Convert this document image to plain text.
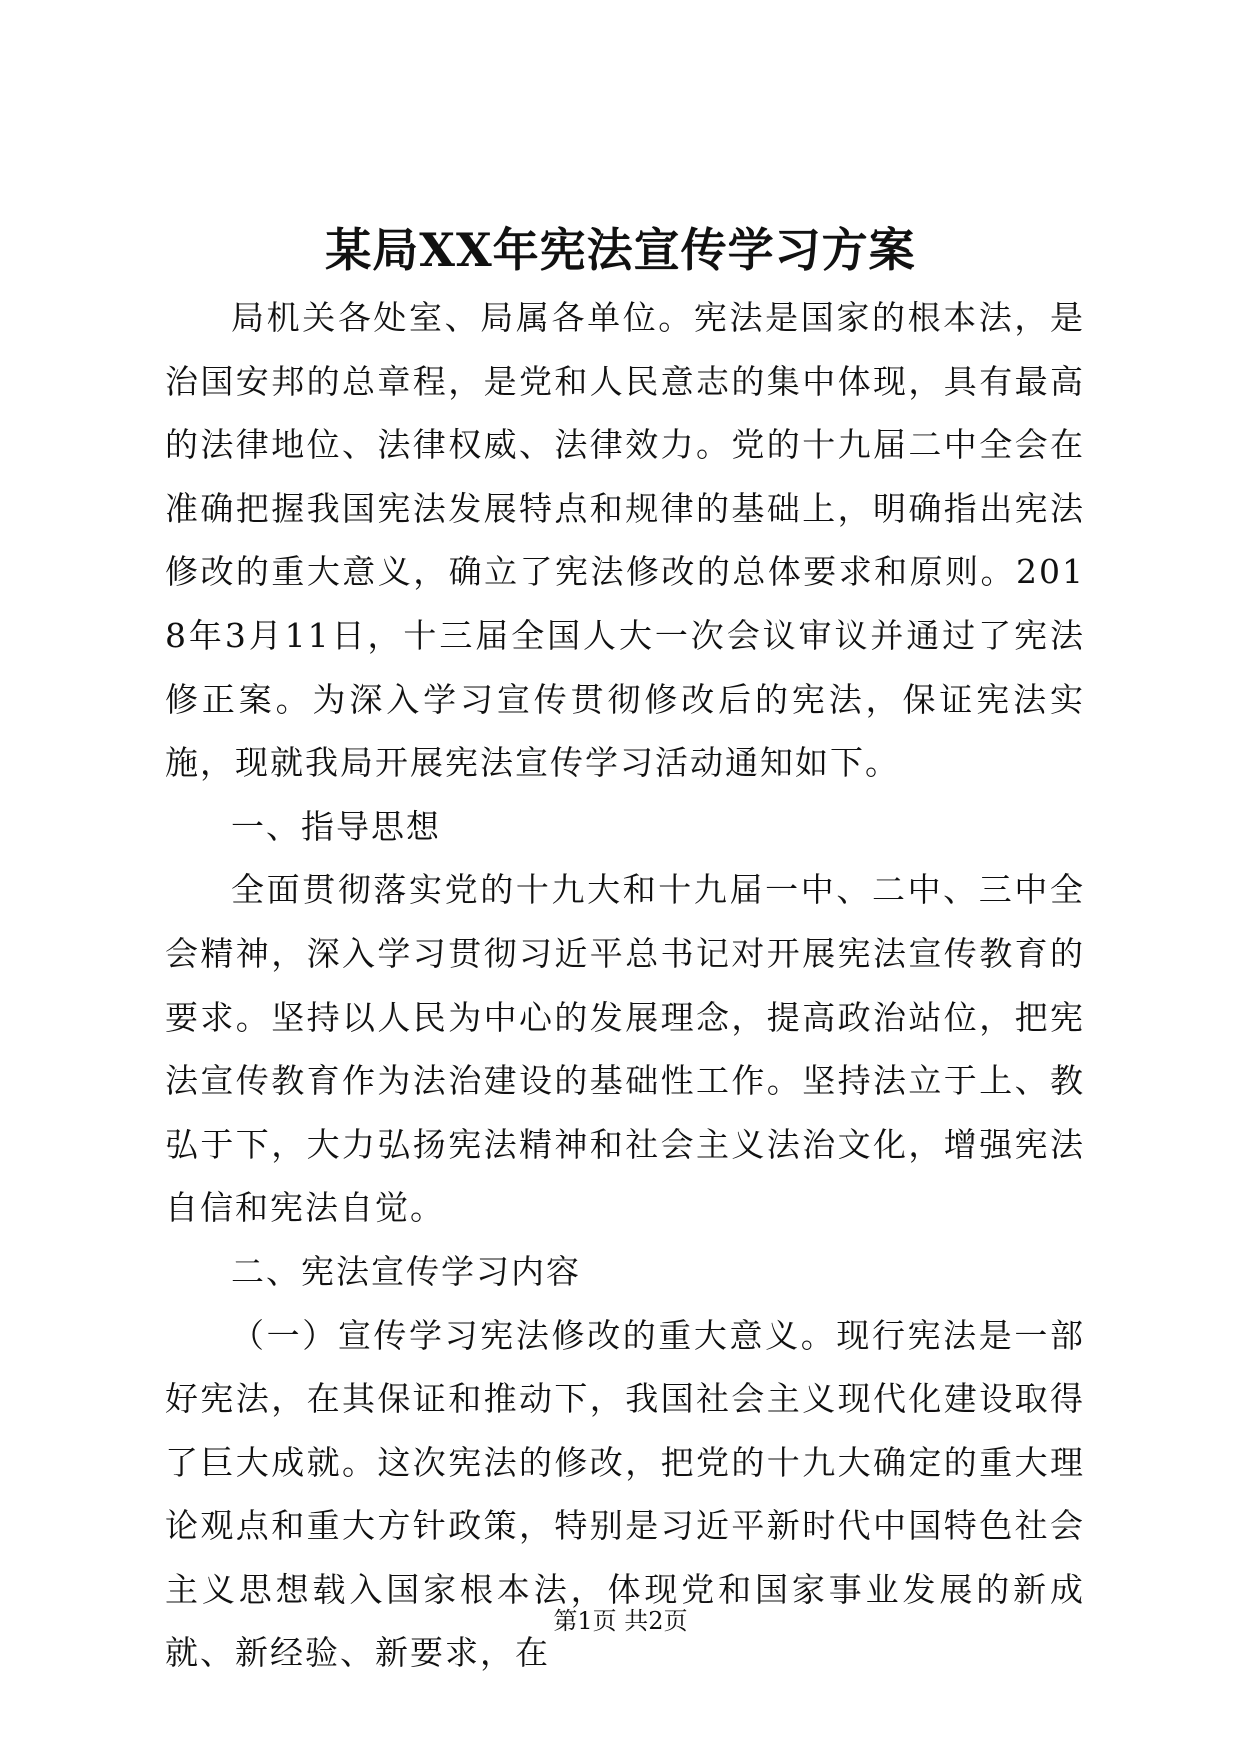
某局XX年宪法宣传学习方案

局机关各处室、局属各单位。宪法是国家的根本法，是治国安邦的总章程，是党和人民意志的集中体现，具有最高的法律地位、法律权威、法律效力。党的十九届二中全会在准确把握我国宪法发展特点和规律的基础上，明确指出宪法修改的重大意义，确立了宪法修改的总体要求和原则。2018年3月11日，十三届全国人大一次会议审议并通过了宪法修正案。为深入学习宣传贯彻修改后的宪法，保证宪法实施，现就我局开展宪法宣传学习活动通知如下。

一、指导思想

全面贯彻落实党的十九大和十九届一中、二中、三中全会精神，深入学习贯彻习近平总书记对开展宪法宣传教育的要求。坚持以人民为中心的发展理念，提高政治站位，把宪法宣传教育作为法治建设的基础性工作。坚持法立于上、教弘于下，大力弘扬宪法精神和社会主义法治文化，增强宪法自信和宪法自觉。

二、宪法宣传学习内容

（一）宣传学习宪法修改的重大意义。现行宪法是一部好宪法，在其保证和推动下，我国社会主义现代化建设取得了巨大成就。这次宪法的修改，把党的十九大确定的重大理论观点和重大方针政策，特别是习近平新时代中国特色社会主义思想载入国家根本法，体现党和国家事业发展的新成就、新经验、新要求，在

第1页 共2页
